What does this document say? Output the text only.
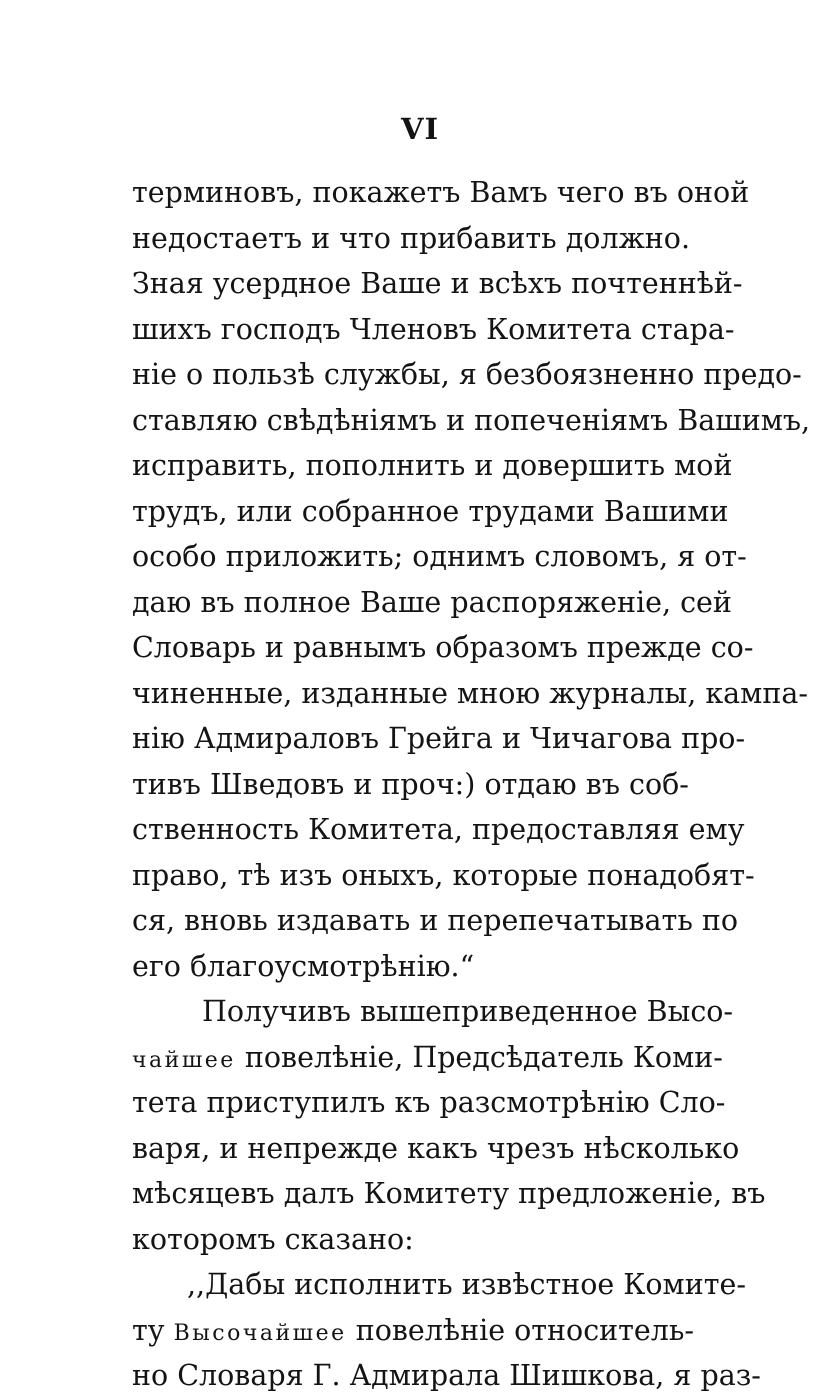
VI
терминовъ, покажетъ Вамъ чего въ оной
недостаетъ и что прибавить должно.
Зная усердное Ваше и всѣхъ почтеннѣй-
шихъ господъ Членовъ Комитета стара-
нiе о пользѣ службы, я безбоязненно предо-
ставляю свѣдѣнiямъ и попеченiямъ Вашимъ,
исправить, пополнить и довершить мой
трудъ, или собранное трудами Вашими
особо приложить; однимъ словомъ, я от-
даю въ полное Ваше распоряженiе, сей
Словарь и равнымъ образомъ прежде со-
чиненные, изданные мною журналы, кампа-
нiю Адмираловъ Грейга и Чичагова про-
тивъ Шведовъ и проч:) отдаю въ соб-
ственность Комитета, предоставляя ему
право, тѣ изъ оныхъ, которые понадобят-
ся, вновь издавать и перепечатывать по
его благоусмотрѣнiю.“
Получивъ вышеприведенное Высо-
чайшее повелѣнiе, Предсѣдатель Коми-
тета приступилъ къ разсмотрѣнiю Сло-
варя, и непрежде какъ чрезъ нѣсколько
мѣсяцевъ далъ Комитету предложенiе, въ
которомъ сказано:
,,Дабы исполнить извѣстное Комите-
ту Высочайшее повелѣнiе относитель-
но Словаря Г. Адмирала Шишкова, я раз-
